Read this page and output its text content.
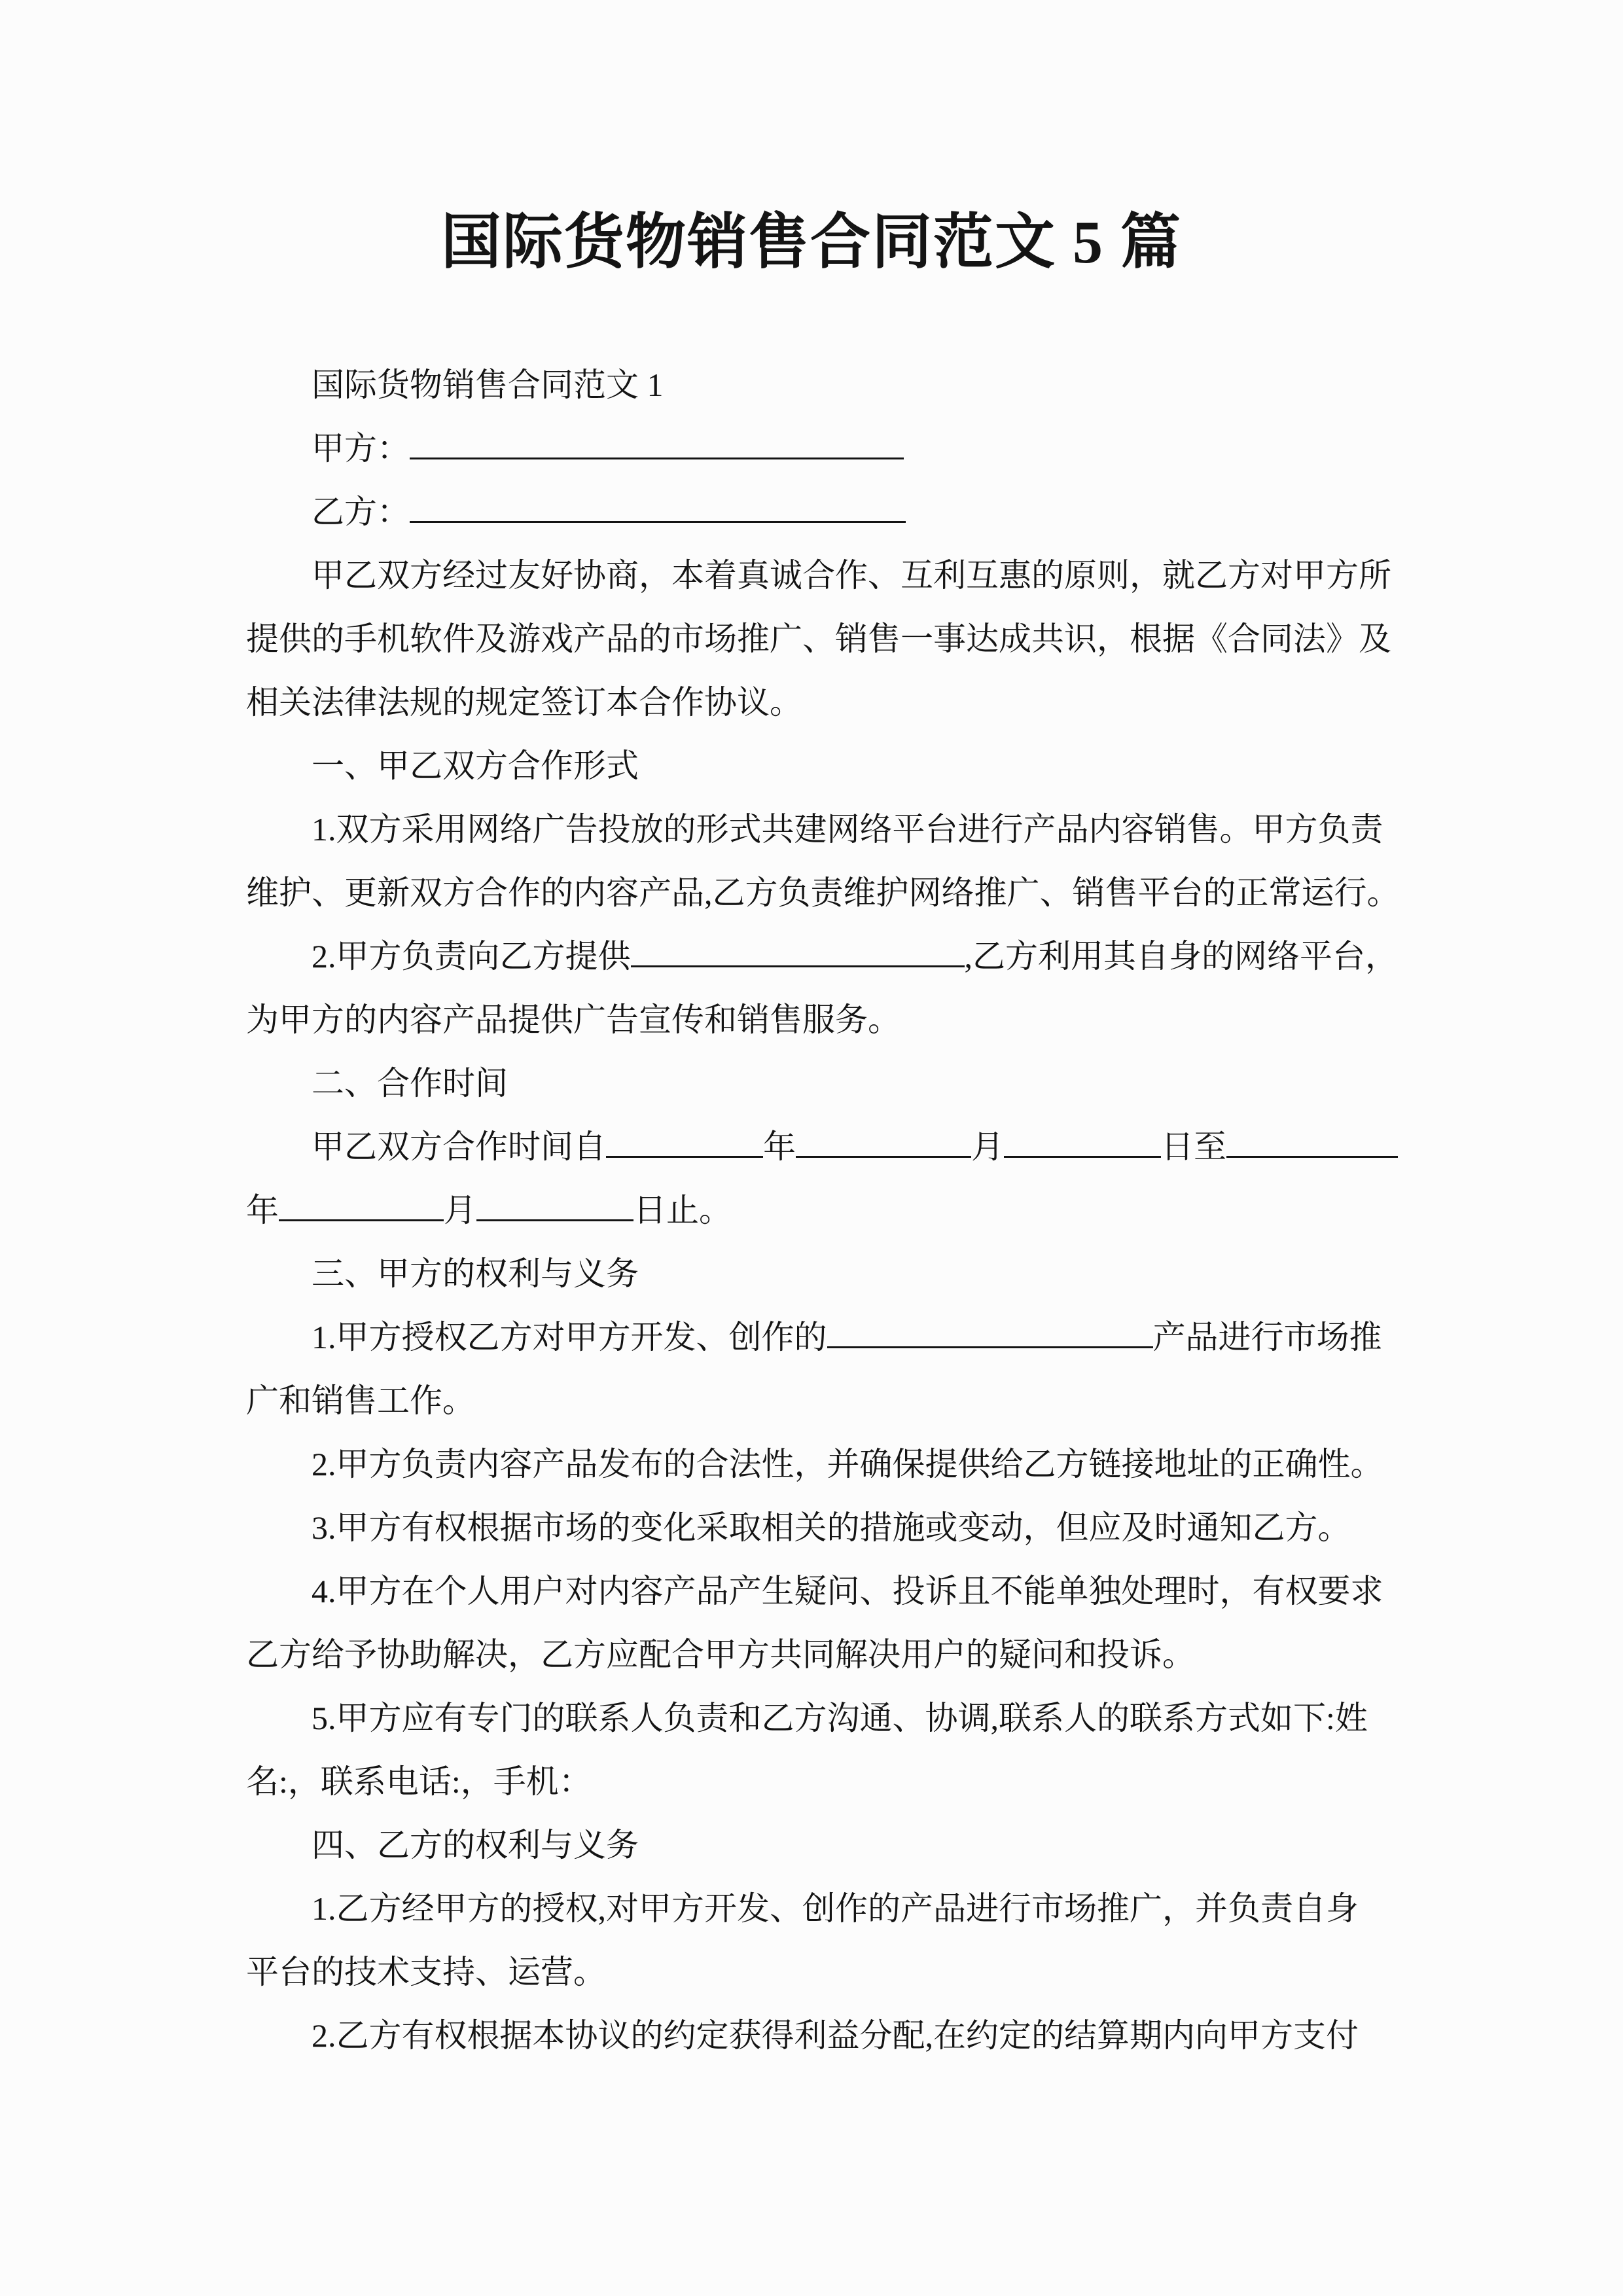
国际货物销售合同范文 5 篇
国际货物销售合同范文 1
甲方：
乙方：
甲乙双方经过友好协商，本着真诚合作、互利互惠的原则，就乙方对甲方所
提供的手机软件及游戏产品的市场推广、销售一事达成共识，根据《合同法》及
相关法律法规的规定签订本合作协议。
一、甲乙双方合作形式
1.双方采用网络广告投放的形式共建网络平台进行产品内容销售。甲方负责
维护、更新双方合作的内容产品,乙方负责维护网络推广、销售平台的正常运行。
2.甲方负责向乙方提供	,乙方利用其自身的网络平台，
为甲方的内容产品提供广告宣传和销售服务。
二、合作时间
甲乙双方合作时间自	年	月	日至
年	月	日止。
三、甲方的权利与义务
1.甲方授权乙方对甲方开发、创作的	产品进行市场推
广和销售工作。
2.甲方负责内容产品发布的合法性，并确保提供给乙方链接地址的正确性。
3.甲方有权根据市场的变化采取相关的措施或变动，但应及时通知乙方。
4.甲方在个人用户对内容产品产生疑问、投诉且不能单独处理时，有权要求
乙方给予协助解决，乙方应配合甲方共同解决用户的疑问和投诉。
5.甲方应有专门的联系人负责和乙方沟通、协调,联系人的联系方式如下:姓
名:，联系电话:，手机：
四、乙方的权利与义务
1.乙方经甲方的授权,对甲方开发、创作的产品进行市场推广，并负责自身
平台的技术支持、运营。
2.乙方有权根据本协议的约定获得利益分配,在约定的结算期内向甲方支付
